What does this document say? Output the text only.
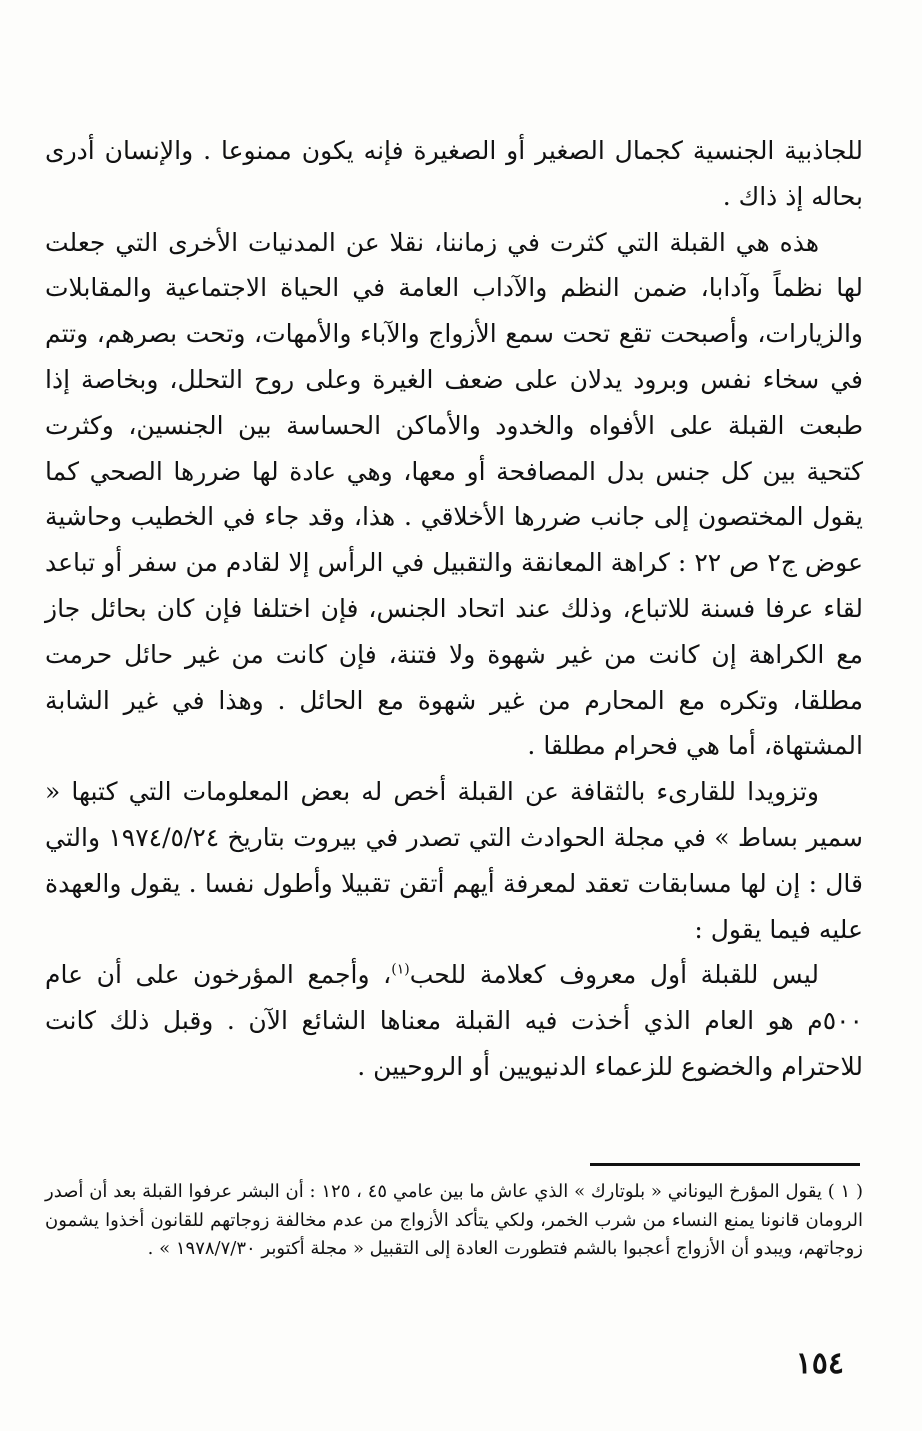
للجاذبية الجنسية كجمال الصغير أو الصغيرة فإنه يكون ممنوعا . والإنسان أدرى بحاله إذ ذاك .

هذه هي القبلة التي كثرت في زماننا، نقلا عن المدنيات الأخرى التي جعلت لها نظماً وآدابا، ضمن النظم والآداب العامة في الحياة الاجتماعية والمقابلات والزيارات، وأصبحت تقع تحت سمع الأزواج والآباء والأمهات، وتحت بصرهم، وتتم في سخاء نفس وبرود يدلان على ضعف الغيرة وعلى روح التحلل، وبخاصة إذا طبعت القبلة على الأفواه والخدود والأماكن الحساسة بين الجنسين، وكثرت كتحية بين كل جنس بدل المصافحة أو معها، وهي عادة لها ضررها الصحي كما يقول المختصون إلى جانب ضررها الأخلاقي . هذا، وقد جاء في الخطيب وحاشية عوض ج٢ ص ٢٢ : كراهة المعانقة والتقبيل في الرأس إلا لقادم من سفر أو تباعد لقاء عرفا فسنة للاتباع، وذلك عند اتحاد الجنس، فإن اختلفا فإن كان بحائل جاز مع الكراهة إن كانت من غير شهوة ولا فتنة، فإن كانت من غير حائل حرمت مطلقا، وتكره مع المحارم من غير شهوة مع الحائل . وهذا في غير الشابة المشتهاة، أما هي فحرام مطلقا .

وتزويدا للقارىء بالثقافة عن القبلة أخص له بعض المعلومات التي كتبها « سمير بساط » في مجلة الحوادث التي تصدر في بيروت بتاريخ ١٩٧٤/٥/٢٤ والتي قال : إن لها مسابقات تعقد لمعرفة أيهم أتقن تقبيلا وأطول نفسا . يقول والعهدة عليه فيما يقول :

ليس للقبلة أول معروف كعلامة للحب$^{(١)}$، وأجمع المؤرخون على أن عام ٥٠٠م هو العام الذي أخذت فيه القبلة معناها الشائع الآن . وقبل ذلك كانت للاحترام والخضوع للزعماء الدنيويين أو الروحيين .

( ١ ) يقول المؤرخ اليوناني « بلوتارك » الذي عاش ما بين عامي ٤٥ ، ١٢٥ : أن البشر عرفوا القبلة بعد أن أصدر الرومان قانونا يمنع النساء من شرب الخمر، ولكي يتأكد الأزواج من عدم مخالفة زوجاتهم للقانون أخذوا يشمون زوجاتهم، ويبدو أن الأزواج أعجبوا بالشم فتطورت العادة إلى التقبيل « مجلة أكتوبر ١٩٧٨/٧/٣٠ » .

١٥٤
